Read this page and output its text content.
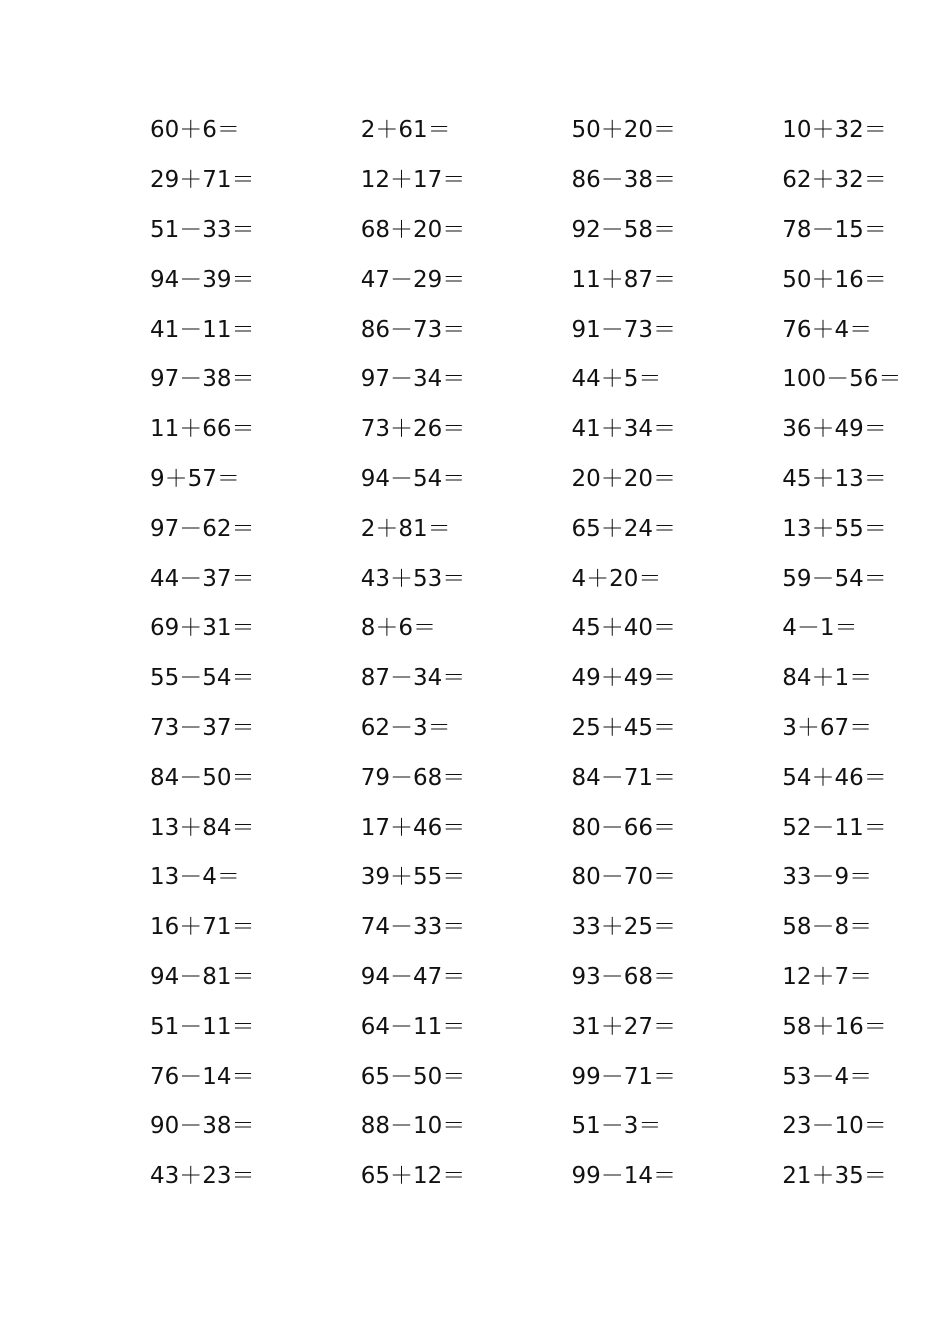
60＋6＝	2＋61＝	50＋20＝	10＋32＝
29＋71＝	12＋17＝	86－38＝	62＋32＝
51－33＝	68＋20＝	92－58＝	78－15＝
94－39＝	47－29＝	11＋87＝	50＋16＝
41－11＝	86－73＝	91－73＝	76＋4＝
97－38＝	97－34＝	44＋5＝	100－56＝
11＋66＝	73＋26＝	41＋34＝	36＋49＝
9＋57＝	94－54＝	20＋20＝	45＋13＝
97－62＝	2＋81＝	65＋24＝	13＋55＝
44－37＝	43＋53＝	4＋20＝	59－54＝
69＋31＝	8＋6＝	45＋40＝	4－1＝
55－54＝	87－34＝	49＋49＝	84＋1＝
73－37＝	62－3＝	25＋45＝	3＋67＝
84－50＝	79－68＝	84－71＝	54＋46＝
13＋84＝	17＋46＝	80－66＝	52－11＝
13－4＝	39＋55＝	80－70＝	33－9＝
16＋71＝	74－33＝	33＋25＝	58－8＝
94－81＝	94－47＝	93－68＝	12＋7＝
51－11＝	64－11＝	31＋27＝	58＋16＝
76－14＝	65－50＝	99－71＝	53－4＝
90－38＝	88－10＝	51－3＝	23－10＝
43＋23＝	65＋12＝	99－14＝	21＋35＝
